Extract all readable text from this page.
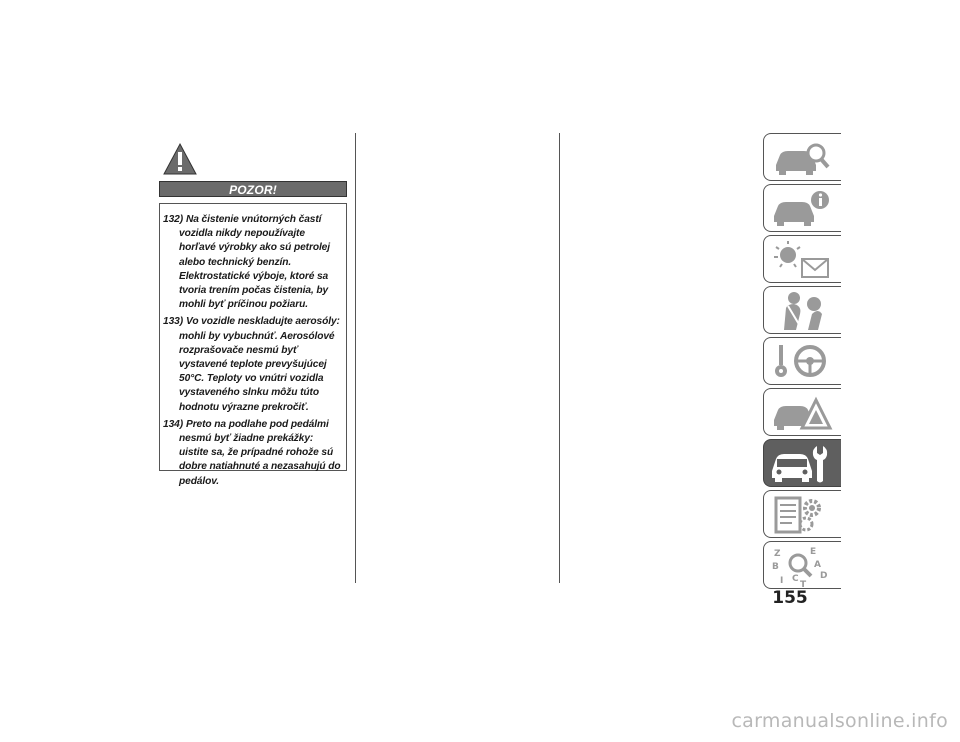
POZOR!

132) Na čistenie vnútorných častí vozidla nikdy nepoužívajte horľavé výrobky ako sú petrolej alebo technický benzín. Elektrostatické výboje, ktoré sa tvoria trením počas čistenia, by mohli byť príčinou požiaru.

133) Vo vozidle neskladujte aerosóly: mohli by vybuchnúť. Aerosólové rozprašovače nesmú byť vystavené teplote prevyšujúcej 50°C. Teploty vo vnútri vozidla vystaveného slnku môžu túto hodnotu výrazne prekročiť.

134) Preto na podlahe pod pedálmi nesmú byť žiadne prekážky: uistite sa, že prípadné rohože sú dobre natiahnuté a nezasahujú do pedálov.

Z	E
B	A
D
C
I T
155
carmanualsonline.info
